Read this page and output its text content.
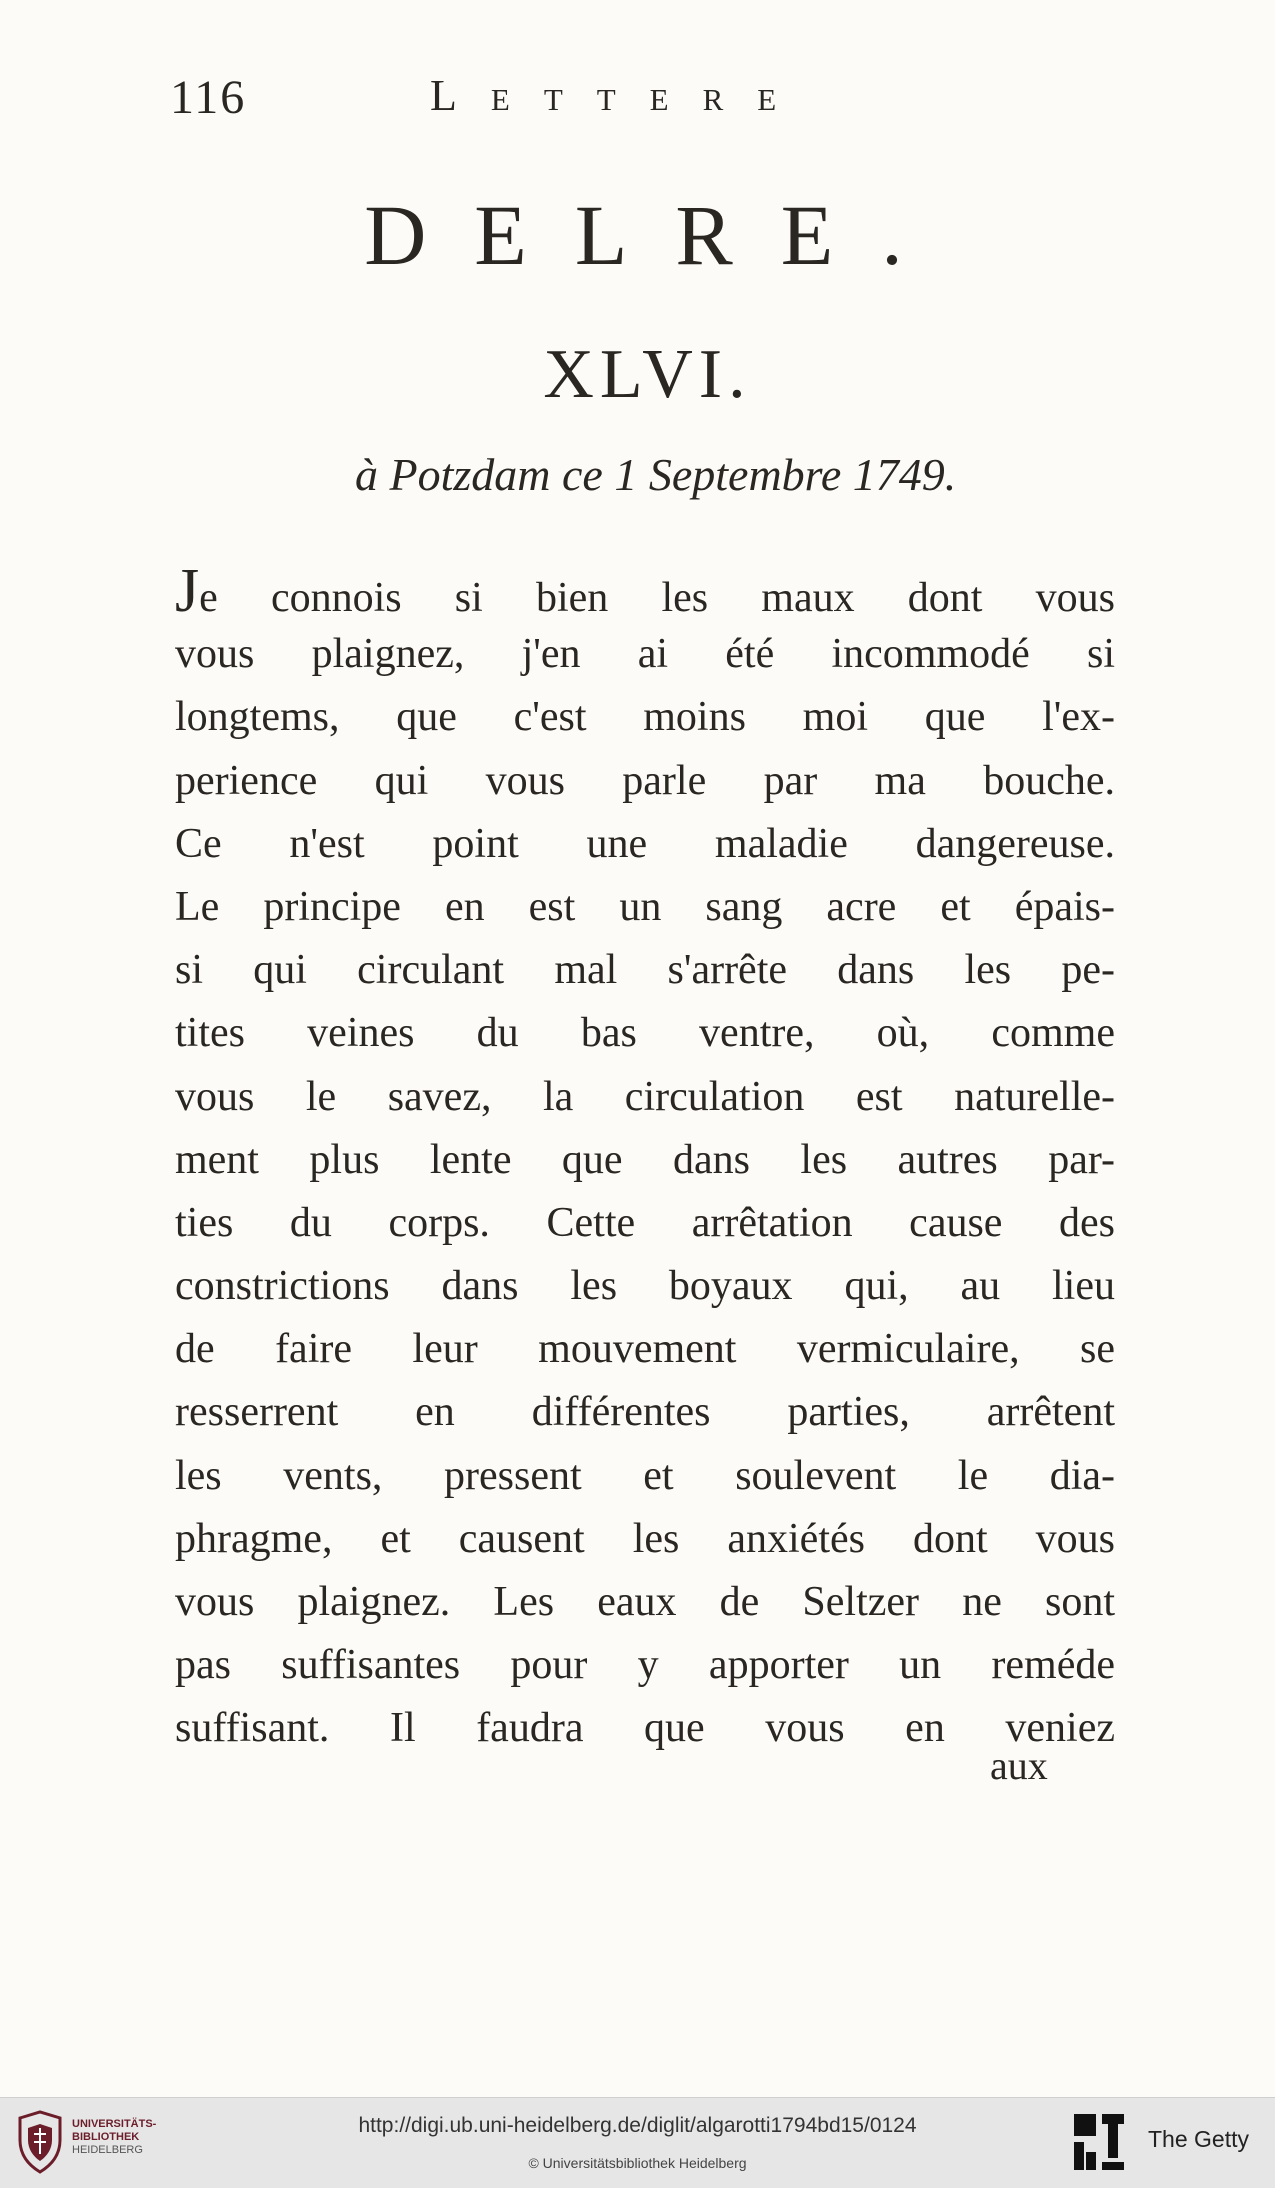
116	Lettere
DELRE.
XLVI.
à Potzdam ce 1 Septembre 1749.
Je connois si bien les maux dont vous
vous plaignez, j'en ai été incommodé si
longtems, que c'est moins moi que l'ex-
perience qui vous parle par ma bouche.
Ce n'est point une maladie dangereuse.
Le principe en est un sang acre et épais-
si qui circulant mal s'arrête dans les pe-
tites veines du bas ventre, où, comme
vous le savez, la circulation est naturelle-
ment plus lente que dans les autres par-
ties du corps. Cette arrêtation cause des
constrictions dans les boyaux qui, au lieu
de faire leur mouvement vermiculaire, se
resserrent en différentes parties, arrêtent
les vents, pressent et soulevent le dia-
phragme, et causent les anxiétés dont vous
vous plaignez. Les eaux de Seltzer ne sont
pas suffisantes pour y apporter un reméde
suffisant. Il faudra que vous en veniez
aux
UNIVERSITÄTS-
BIBLIOTHEK
HEIDELBERG
http://digi.ub.uni-heidelberg.de/diglit/algarotti1794bd15/0124
© Universitätsbibliothek Heidelberg
The Getty
